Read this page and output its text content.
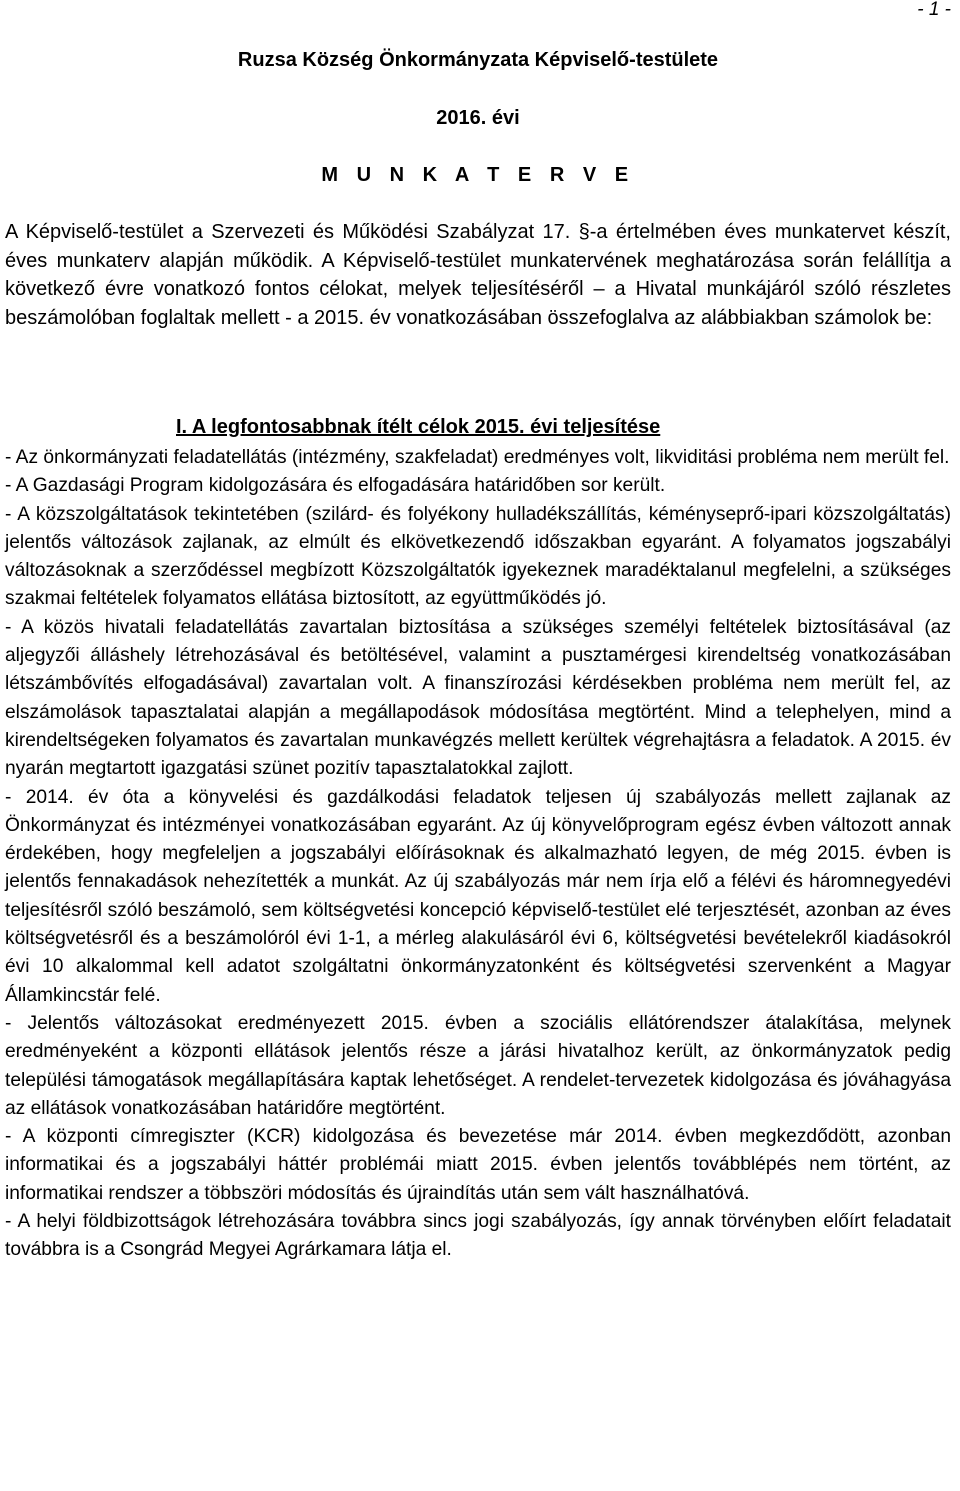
- 1 -
Ruzsa Község Önkormányzata Képviselő-testülete
2016. évi
M U N K A T E R V E

A Képviselő-testület a Szervezeti és Működési Szabályzat 17. §-a értelmében éves munkatervet készít, éves munkaterv alapján működik. A Képviselő-testület munkatervének meghatározása során felállítja a következő évre vonatkozó fontos célokat, melyek teljesítéséről – a Hivatal munkájáról szóló részletes beszámolóban foglaltak mellett - a 2015. év vonatkozásában összefoglalva az alábbiakban számolok be:

I. A legfontosabbnak ítélt célok 2015. évi teljesítése

- Az önkormányzati feladatellátás (intézmény, szakfeladat) eredményes volt, likviditási probléma nem merült fel.

- A Gazdasági Program kidolgozására és elfogadására határidőben sor került.

- A közszolgáltatások tekintetében (szilárd- és folyékony hulladékszállítás, kéményseprő-ipari közszolgáltatás) jelentős változások zajlanak, az elmúlt és elkövetkezendő időszakban egyaránt. A folyamatos jogszabályi változásoknak a szerződéssel megbízott Közszolgáltatók igyekeznek maradéktalanul megfelelni, a szükséges szakmai feltételek folyamatos ellátása biztosított, az együttműködés jó.

- A közös hivatali feladatellátás zavartalan biztosítása a szükséges személyi feltételek biztosításával (az aljegyzői álláshely létrehozásával és betöltésével, valamint a pusztamérgesi kirendeltség vonatkozásában létszámbővítés elfogadásával) zavartalan volt. A finanszírozási kérdésekben probléma nem merült fel, az elszámolások tapasztalatai alapján a megállapodások módosítása megtörtént. Mind a telephelyen, mind a kirendeltségeken folyamatos és zavartalan munkavégzés mellett kerültek végrehajtásra a feladatok. A 2015. év nyarán megtartott igazgatási szünet pozitív tapasztalatokkal zajlott.

- 2014. év óta a könyvelési és gazdálkodási feladatok teljesen új szabályozás mellett zajlanak az Önkormányzat és intézményei vonatkozásában egyaránt. Az új könyvelőprogram egész évben változott annak érdekében, hogy megfeleljen a jogszabályi előírásoknak és alkalmazható legyen, de még 2015. évben is jelentős fennakadások nehezítették a munkát. Az új szabályozás már nem írja elő a félévi és háromnegyedévi teljesítésről szóló beszámoló, sem költségvetési koncepció képviselő-testület elé terjesztését, azonban az éves költségvetésről és a beszámolóról évi 1-1, a mérleg alakulásáról évi 6, költségvetési bevételekről kiadásokról évi 10 alkalommal kell adatot szolgáltatni önkormányzatonként és költségvetési szervenként a Magyar Államkincstár felé.

- Jelentős változásokat eredményezett 2015. évben a szociális ellátórendszer átalakítása, melynek eredményeként a központi ellátások jelentős része a járási hivatalhoz került, az önkormányzatok pedig települési támogatások megállapítására kaptak lehetőséget. A rendelet-tervezetek kidolgozása és jóváhagyása az ellátások vonatkozásában határidőre megtörtént.

- A központi címregiszter (KCR) kidolgozása és bevezetése már 2014. évben megkezdődött, azonban informatikai és a jogszabályi háttér problémái miatt 2015. évben jelentős továbblépés nem történt, az informatikai rendszer a többszöri módosítás és újraindítás után sem vált használhatóvá.

- A helyi földbizottságok létrehozására továbbra sincs jogi szabályozás, így annak törvényben előírt feladatait továbbra is a Csongrád Megyei Agrárkamara látja el.
